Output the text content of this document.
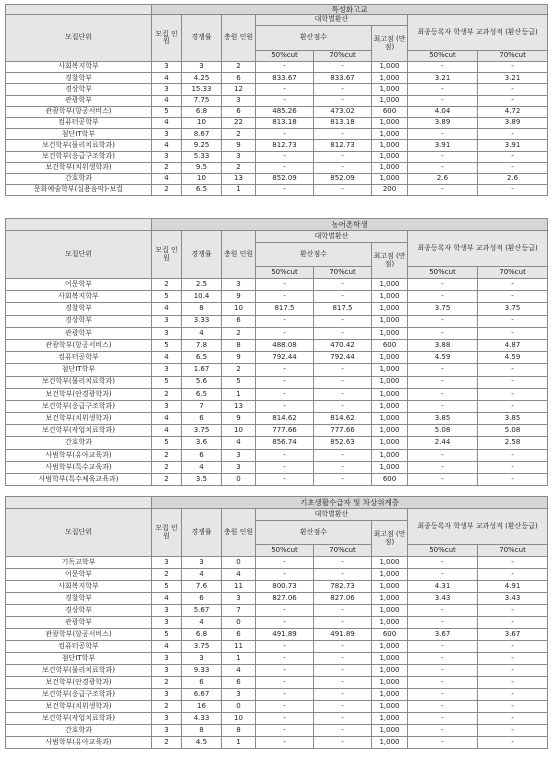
	특성화고교							
모집단위	모집 인원	경쟁률	충원 인원	대학별환산			최종등록자 학생부 교과성적 (환산등급)	
				환산점수		최고점 (만점)		
				50%cut	70%cut		50%cut	70%cut
사회복지학부	3	3	2	-	-	1,000	-	-
경찰학부	4	4.25	6	833.67	833.67	1,000	3.21	3.21
경상학부	3	15.33	12	-	-	1,000	-	-
관광학부	4	7.75	3	-	-	1,000	-	-
관광학부(항공서비스)	5	6.8	6	485.26	473.02	600	4.04	4.72
컴퓨터공학부	4	10	22	813.18	813.18	1,000	3.89	3.89
첨단IT학부	3	8.67	2	-	-	1,000	-	-
보건학부(물리치료학과)	4	9.25	9	812.73	812.73	1,000	3.91	3.91
보건학부(응급구조학과)	3	5.33	3	-	-	1,000	-	-
보건학부(치위생학과)	2	9.5	2	-	-	1,000	-	-
간호학과	4	10	13	852.09	852.09	1,000	2.6	2.6
문화예술학부(실용음악)-보컬	2	6.5	1	-	-	200	-	-
	농어촌학생							
모집단위	모집 인원	경쟁률	충원 인원	대학별환산			최종등록자 학생부 교과성적 (환산등급)	
				환산점수		최고점 (만점)		
				50%cut	70%cut		50%cut	70%cut
어문학부	2	2.5	3	-	-	1,000	-	-
사회복지학부	5	10.4	9	-	-	1,000	-	-
경찰학부	4	8	10	817.5	817.5	1,000	3.75	3.75
경상학부	3	3.33	6	-	-	1,000	-	-
관광학부	3	4	2	-	-	1,000	-	-
관광학부(항공서비스)	5	7.8	8	488.08	470.42	600	3.88	4.87
컴퓨터공학부	4	6.5	9	792.44	792.44	1,000	4.59	4.59
첨단IT학부	3	1.67	2	-	-	1,000	-	-
보건학부(물리치료학과)	5	5.6	5	-	-	1,000	-	-
보건학부(안경광학과)	2	6.5	1	-	-	1,000	-	-
보건학부(응급구조학과)	3	7	13	-	-	1,000	-	-
보건학부(치위생학과)	4	6	9	814.62	814.62	1,000	3.85	3.85
보건학부(작업치료학과)	4	3.75	10	777.66	777.66	1,000	5.08	5.08
간호학과	5	3.6	4	856.74	852.63	1,000	2.44	2.58
사범학부(유아교육과)	2	6	3	-	-	1,000	-	-
사범학부(특수교육과)	2	4	3	-	-	1,000	-	-
사범학부(특수체육교육과)	2	3.5	0	-	-	600	-	-
	기초생활수급자 및 차상위계층							
모집단위	모집 인원	경쟁률	충원 인원	대학별환산			최종등록자 학생부 교과성적 (환산등급)	
				환산점수		최고점 (만점)		
				50%cut	70%cut		50%cut	70%cut
기독교학부	3	3	0	-	-	1,000	-	-
어문학부	2	4	4	-	-	1,000	-	-
사회복지학부	5	7.6	11	800.73	782.73	1,000	4.31	4.91
경찰학부	4	6	3	827.06	827.06	1,000	3.43	3.43
경상학부	3	5.67	7	-	-	1,000	-	-
관광학부	3	4	0	-	-	1,000	-	-
관광학부(항공서비스)	5	6.8	6	491.89	491.89	600	3.67	3.67
컴퓨터공학부	4	3.75	11	-	-	1,000	-	-
첨단IT학부	3	3	1	-	-	1,000	-	-
보건학부(물리치료학과)	3	9.33	4	-	-	1,000	-	-
보건학부(안경광학과)	2	6	6	-	-	1,000	-	-
보건학부(응급구조학과)	3	6.67	3	-	-	1,000	-	-
보건학부(치위생학과)	2	16	0	-	-	1,000	-	-
보건학부(작업치료학과)	3	4.33	10	-	-	1,000	-	-
간호학과	3	8	8	-	-	1,000	-	-
사범학부(유아교육과)	2	4.5	1	-	-	1,000	-	-
